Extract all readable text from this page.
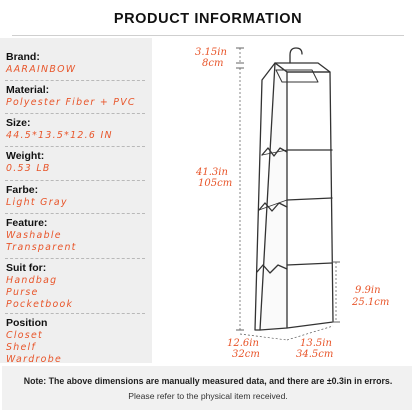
PRODUCT INFORMATION
Brand:
AARAINBOW
Material:
Polyester Fiber + PVC
Size:
44.5*13.5*12.6 IN
Weight:
0.53 LB
Farbe:
Light Gray
Feature:
Washable
Transparent
Suit for:
Handbag
Purse
Pocketbook
Position
Closet
Shelf
Wardrobe
3.15in
8cm
41.3in
105cm
9.9in
25.1cm
12.6in
32cm
13.5in
34.5cm
Note: The above dimensions are manually measured data, and there are ±0.3in in errors.
Please refer to the physical item received.
